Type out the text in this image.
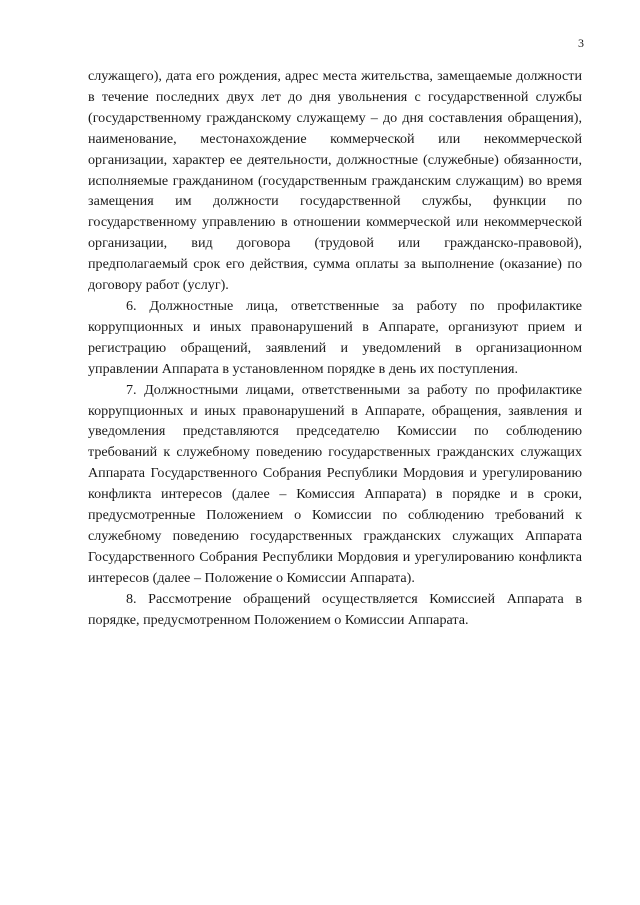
3

служащего), дата его рождения, адрес места жительства, замещаемые должности в течение последних двух лет до дня увольнения с государственной службы (государственному гражданскому служащему – до дня составления обращения), наименование, местонахождение коммерческой или некоммерческой организации, характер ее деятельности, должностные (служебные) обязанности, исполняемые гражданином (государственным гражданским служащим) во время замещения им должности государственной службы, функции по государственному управлению в отношении коммерческой или некоммерческой организации, вид договора (трудовой или гражданско-правовой), предполагаемый срок его действия, сумма оплаты за выполнение (оказание) по договору работ (услуг).

6. Должностные лица, ответственные за работу по профилактике коррупционных и иных правонарушений в Аппарате, организуют прием и регистрацию обращений, заявлений и уведомлений в организационном управлении Аппарата в установленном порядке в день их поступления.

7. Должностными лицами, ответственными за работу по профилактике коррупционных и иных правонарушений в Аппарате, обращения, заявления и уведомления представляются председателю Комиссии по соблюдению требований к служебному поведению государственных гражданских служащих Аппарата Государственного Собрания Республики Мордовия и урегулированию конфликта интересов (далее – Комиссия Аппарата) в порядке и в сроки, предусмотренные Положением о Комиссии по соблюдению требований к служебному поведению государственных гражданских служащих Аппарата Государственного Собрания Республики Мордовия и урегулированию конфликта интересов (далее – Положение о Комиссии Аппарата).

8. Рассмотрение обращений осуществляется Комиссией Аппарата в порядке, предусмотренном Положением о Комиссии Аппарата.
